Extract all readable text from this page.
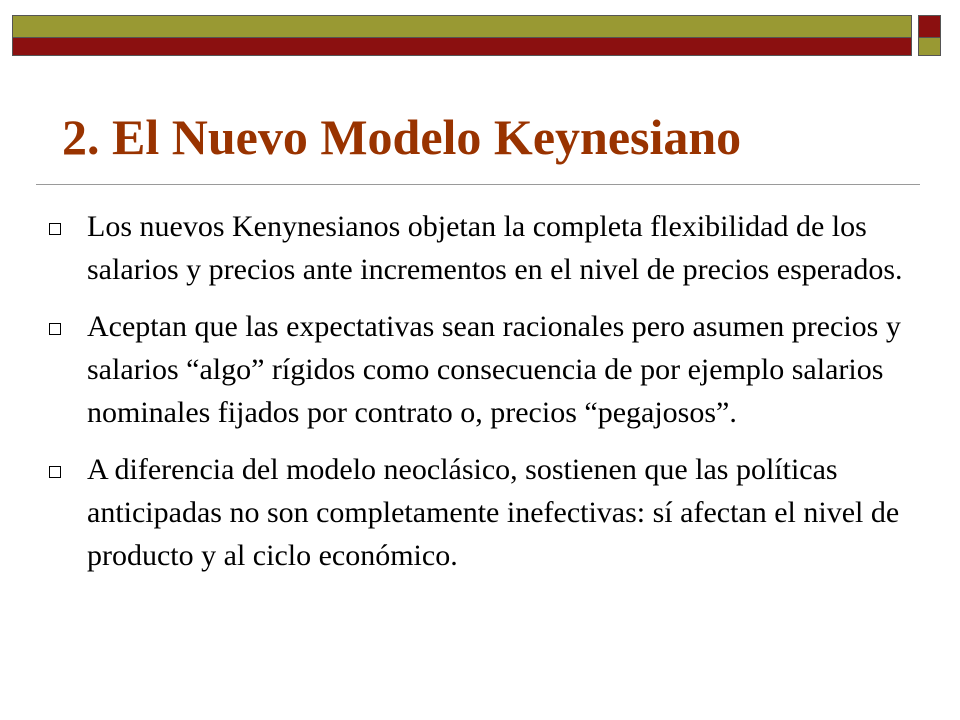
2. El Nuevo Modelo Keynesiano
Los nuevos Kenynesianos objetan la completa flexibilidad de los salarios y precios ante incrementos en el nivel de precios esperados.
Aceptan que las expectativas sean racionales pero asumen precios y salarios “algo” rígidos como consecuencia de por ejemplo salarios nominales fijados por contrato o, precios “pegajosos”.
A diferencia del modelo neoclásico, sostienen que las políticas anticipadas no son completamente inefectivas: sí afectan el nivel de producto y al ciclo económico.
